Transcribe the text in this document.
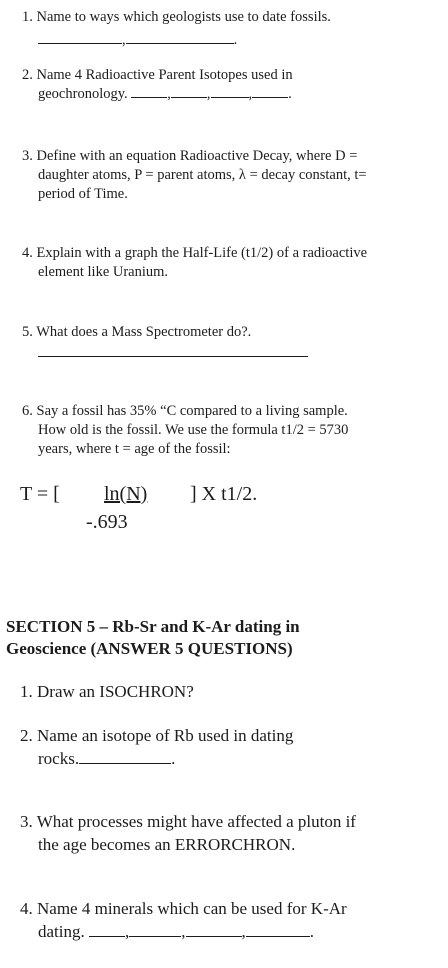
1. Name to ways which geologists use to date fossils.
,	.
2. Name 4 Radioactive Parent Isotopes used in
geochronology.	, ,	, .
3. Define with an equation Radioactive Decay, where D =
daughter atoms, P = parent atoms, λ = decay constant, t=
period of Time.
4. Explain with a graph the Half-Life (t1/2) of a radioactive
element like Uranium.
5. What does a Mass Spectrometer do?.
6. Say a fossil has 35% “C compared to a living sample.
How old is the fossil. We use the formula t1/2 = 5730
years, where t = age of the fossil:
T = [ ln(N) ] X t1/2.
-.693
SECTION 5 – Rb-Sr and K-Ar dating in
Geoscience (ANSWER 5 QUESTIONS)
1. Draw an ISOCHRON?
2. Name an isotope of Rb used in dating
rocks.	.
3. What processes might have affected a pluton if
the age becomes an ERRORCHRON.
4. Name 4 minerals which can be used for K-Ar
dating. ,	,	,	.
